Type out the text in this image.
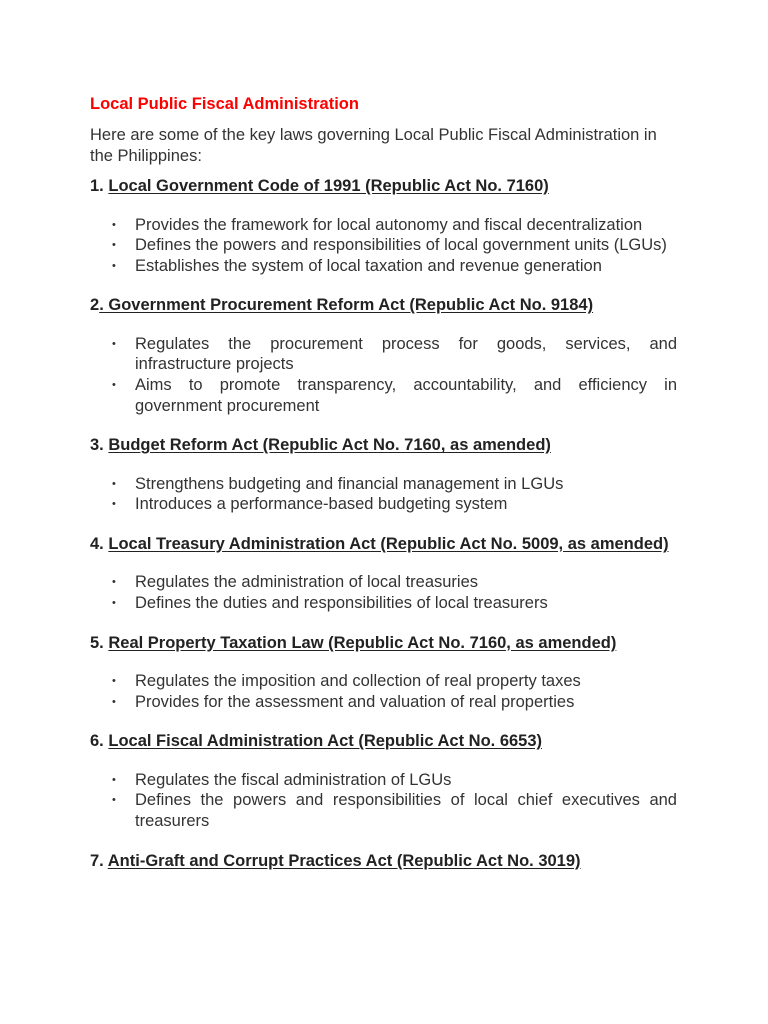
Local Public Fiscal Administration
Here are some of the key laws governing Local Public Fiscal Administration in the Philippines:
1. Local Government Code of 1991 (Republic Act No. 7160)
• Provides the framework for local autonomy and fiscal decentralization
• Defines the powers and responsibilities of local government units (LGUs)
• Establishes the system of local taxation and revenue generation
2. Government Procurement Reform Act (Republic Act No. 9184)
• Regulates the procurement process for goods, services, and infrastructure projects
• Aims to promote transparency, accountability, and efficiency in government procurement
3. Budget Reform Act (Republic Act No. 7160, as amended)
• Strengthens budgeting and financial management in LGUs
• Introduces a performance-based budgeting system
4. Local Treasury Administration Act (Republic Act No. 5009, as amended)
• Regulates the administration of local treasuries
• Defines the duties and responsibilities of local treasurers
5. Real Property Taxation Law (Republic Act No. 7160, as amended)
• Regulates the imposition and collection of real property taxes
• Provides for the assessment and valuation of real properties
6. Local Fiscal Administration Act (Republic Act No. 6653)
• Regulates the fiscal administration of LGUs
• Defines the powers and responsibilities of local chief executives and treasurers
7. Anti-Graft and Corrupt Practices Act (Republic Act No. 3019)
